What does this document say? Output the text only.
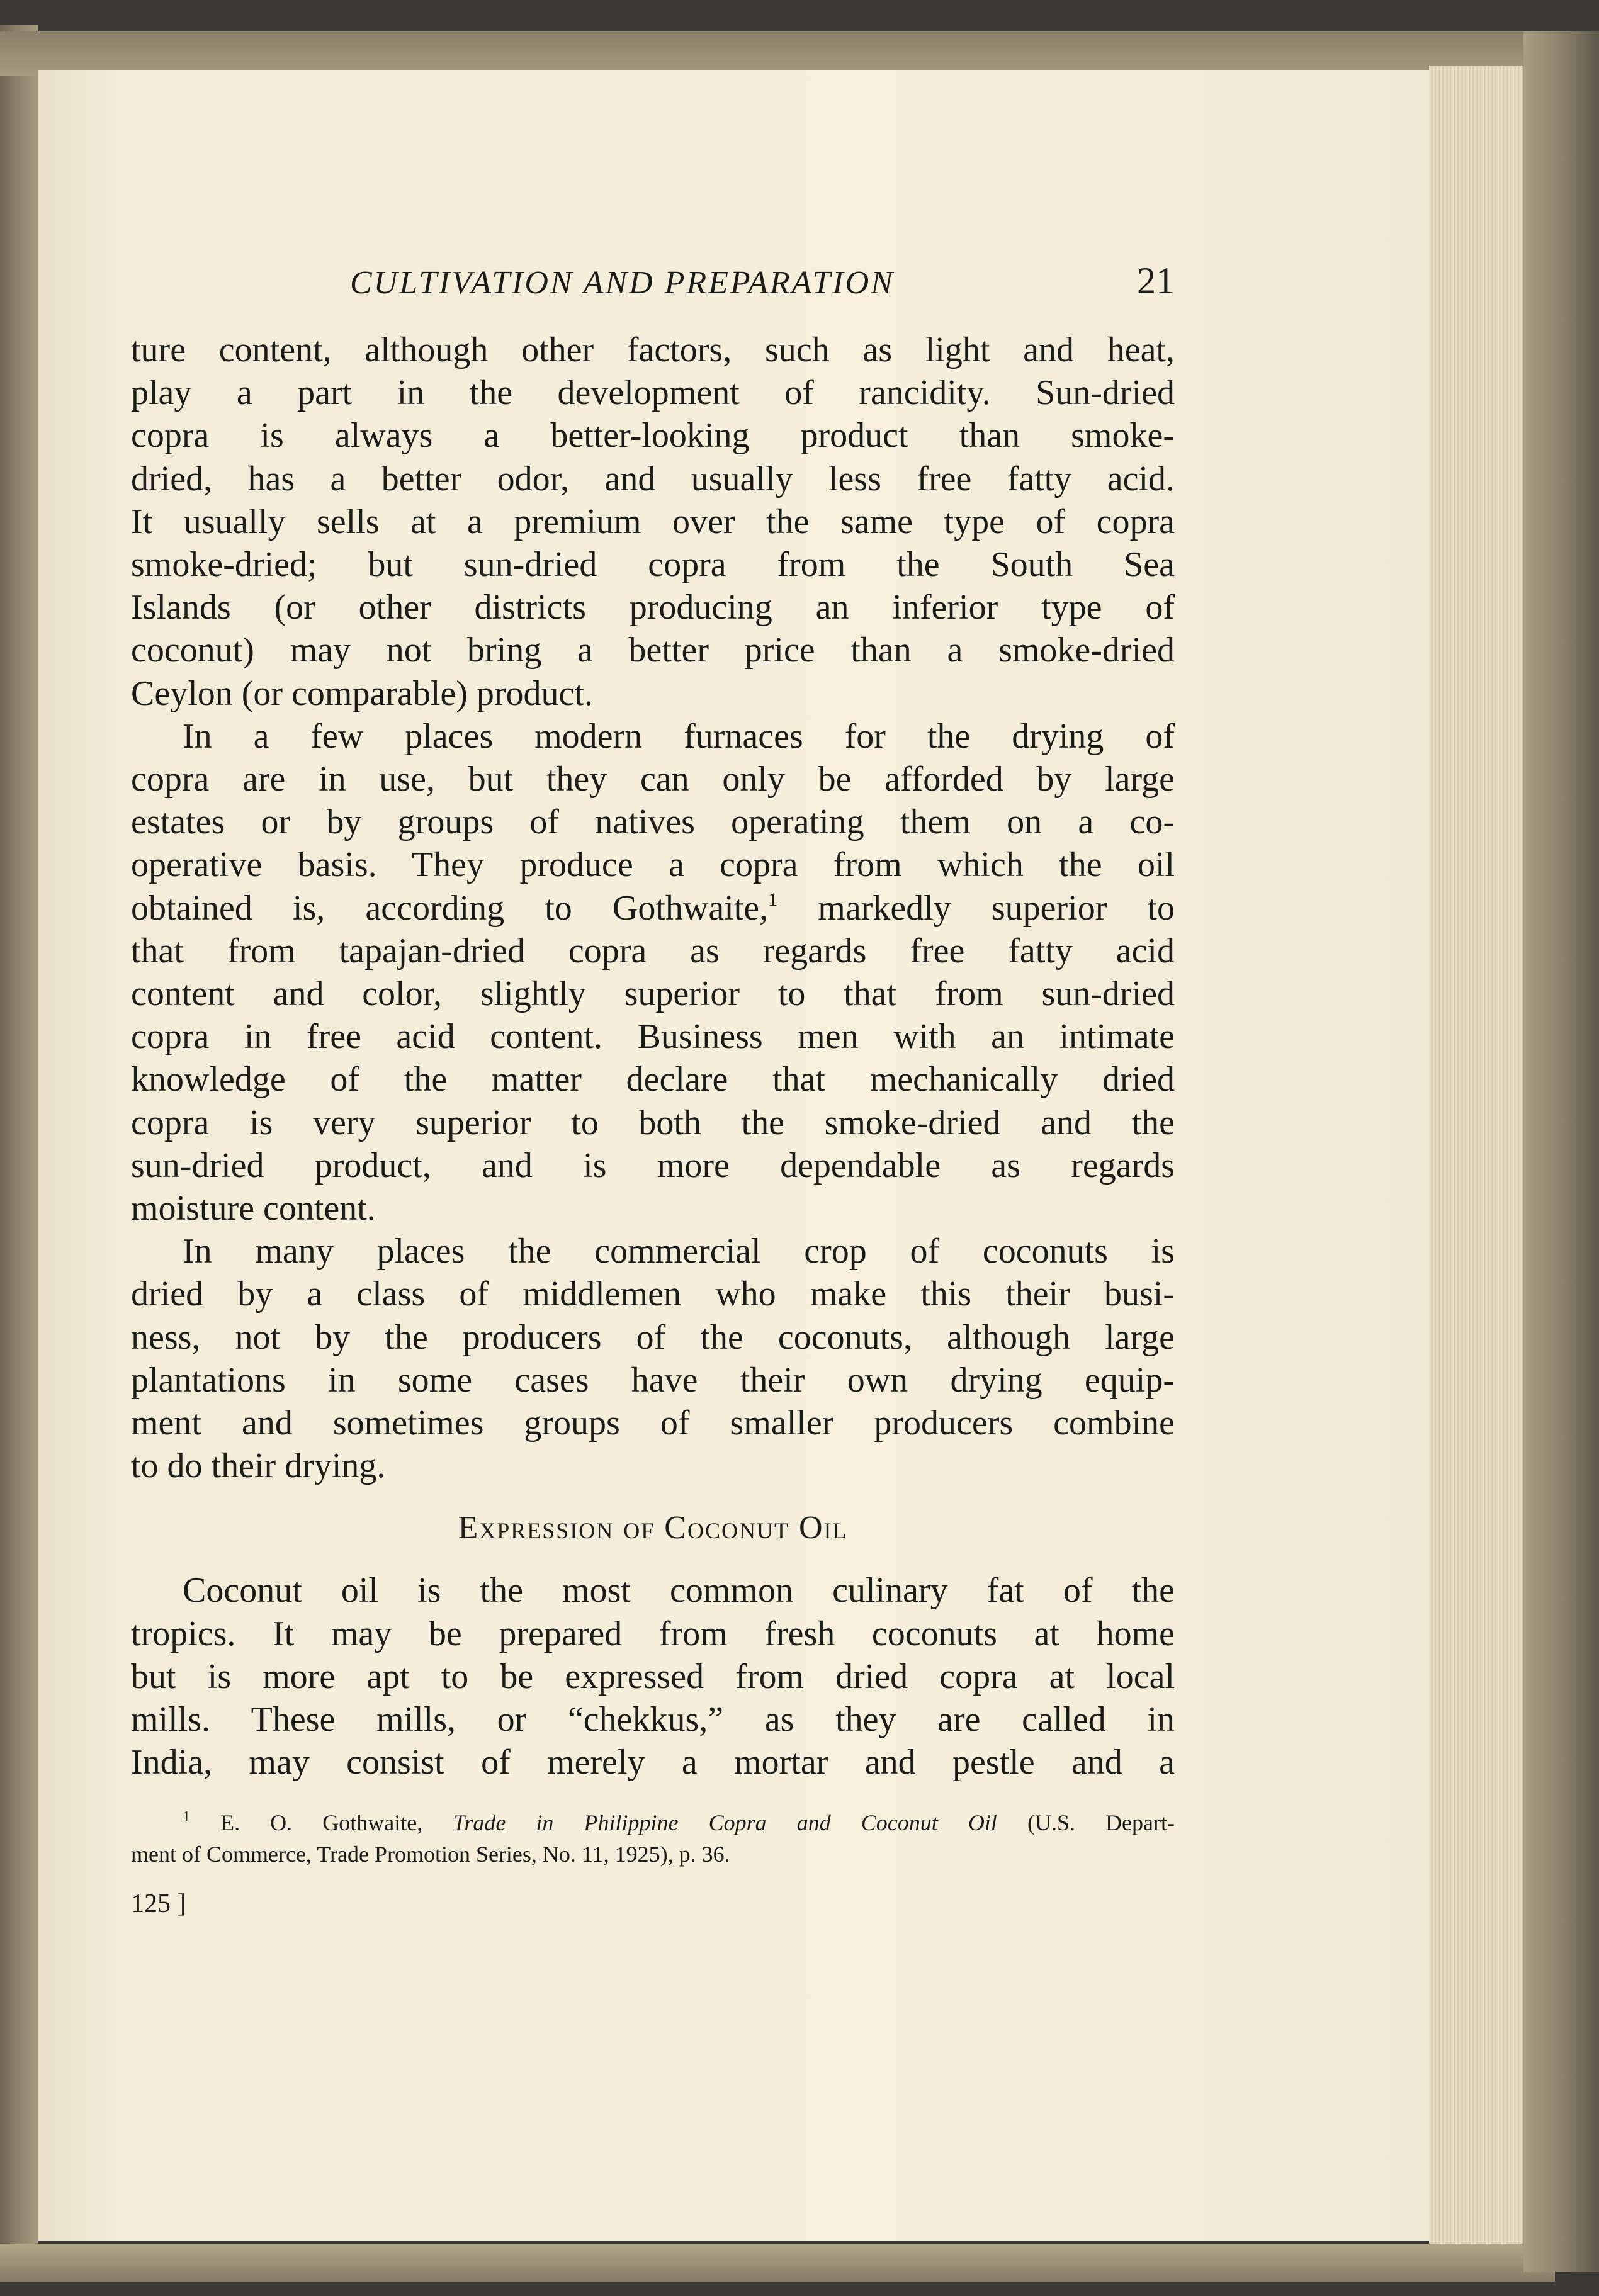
CULTIVATION AND PREPARATION	21

ture content, although other factors, such as light and heat,
play a part in the development of rancidity. Sun-dried
copra is always a better-looking product than smoke-
dried, has a better odor, and usually less free fatty acid.
It usually sells at a premium over the same type of copra
smoke-dried; but sun-dried copra from the South Sea
Islands (or other districts producing an inferior type of
coconut) may not bring a better price than a smoke-dried
Ceylon (or comparable) product.

In a few places modern furnaces for the drying of
copra are in use, but they can only be afforded by large
estates or by groups of natives operating them on a co-
operative basis. They produce a copra from which the oil
obtained is, according to Gothwaite,$^1$ markedly superior to
that from tapajan-dried copra as regards free fatty acid
content and color, slightly superior to that from sun-dried
copra in free acid content. Business men with an intimate
knowledge of the matter declare that mechanically dried
copra is very superior to both the smoke-dried and the
sun-dried product, and is more dependable as regards
moisture content.

In many places the commercial crop of coconuts is
dried by a class of middlemen who make this their busi-
ness, not by the producers of the coconuts, although large
plantations in some cases have their own drying equip-
ment and sometimes groups of smaller producers combine
to do their drying.

Expression of Coconut Oil

Coconut oil is the most common culinary fat of the
tropics. It may be prepared from fresh coconuts at home
but is more apt to be expressed from dried copra at local
mills. These mills, or “chekkus,” as they are called in
India, may consist of merely a mortar and pestle and a

$^1$ E. O. Gothwaite, Trade in Philippine Copra and Coconut Oil (U.S. Depart-
ment of Commerce, Trade Promotion Series, No. 11, 1925), p. 36.
125 ]
